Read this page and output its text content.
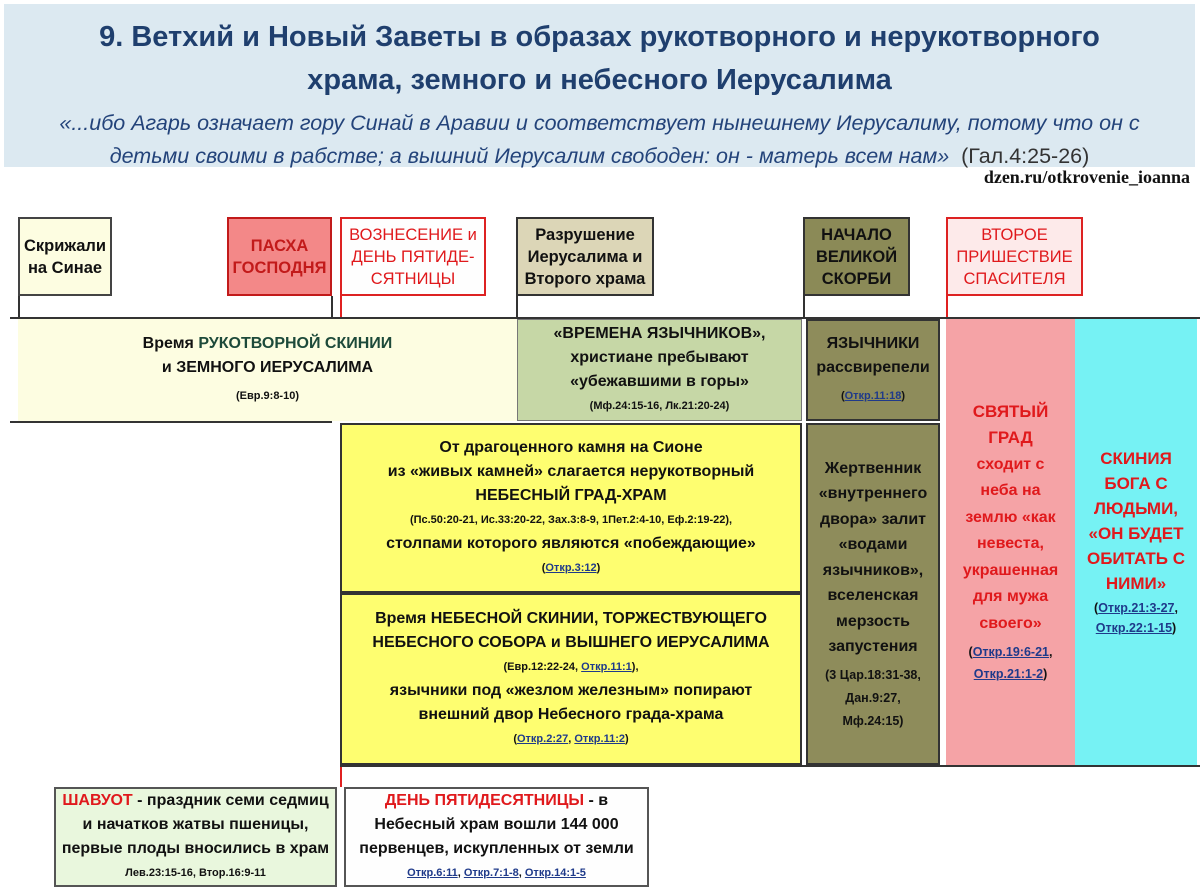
9. Ветхий и Новый Заветы в образах рукотворного и нерукотворного
храма, земного и небесного Иерусалима
«...ибо Агарь означает гору Синай в Аравии и соответствует нынешнему Иерусалиму, потому что он с
детьми своими в рабстве; а вышний Иерусалим свободен: он - матерь всем нам» (Гал.4:25-26)
dzen.ru/otkrovenie_ioanna
Скрижали
на Синае
ПАСХА
ГОСПОДНЯ
ВОЗНЕСЕНИЕ и
ДЕНЬ ПЯТИДЕ-
СЯТНИЦЫ
Разрушение
Иерусалима и
Второго храма
НАЧАЛО
ВЕЛИКОЙ
СКОРБИ
ВТОРОЕ
ПРИШЕСТВИЕ
СПАСИТЕЛЯ
Время РУКОТВОРНОЙ СКИНИИ
и ЗЕМНОГО ИЕРУСАЛИМА
(Евр.9:8-10)
«ВРЕМЕНА ЯЗЫЧНИКОВ»,
христиане пребывают
«убежавшими в горы»
(Мф.24:15-16, Лк.21:20-24)
ЯЗЫЧНИКИ
рассвирепели
(Откр.11:18)
От драгоценного камня на Сионе
из «живых камней» слагается нерукотворный
НЕБЕСНЫЙ ГРАД-ХРАМ
(Пс.50:20-21, Ис.33:20-22, Зах.3:8-9, 1Пет.2:4-10, Еф.2:19-22),
столпами которого являются «побеждающие»
(Откр.3:12)
Время НЕБЕСНОЙ СКИНИИ, ТОРЖЕСТВУЮЩЕГО
НЕБЕСНОГО СОБОРА и ВЫШНЕГО ИЕРУСАЛИМА
(Евр.12:22-24, Откр.11:1),
язычники под «жезлом железным» попирают
внешний двор Небесного града-храма
(Откр.2:27, Откр.11:2)
Жертвенник
«внутреннего
двора» залит
«водами
язычников»,
вселенская
мерзость
запустения
(3 Цар.18:31-38,
Дан.9:27,
Мф.24:15)
СВЯТЫЙ
ГРАД
сходит с
неба на
землю «как
невеста,
украшенная
для мужа
своего»
(Откр.19:6-21,
Откр.21:1-2)
СКИНИЯ
БОГА С
ЛЮДЬМИ,
«ОН БУДЕТ
ОБИТАТЬ С
НИМИ»
(Откр.21:3-27,
Откр.22:1-15)
ШАВУОТ - праздник семи седмиц
и начатков жатвы пшеницы,
первые плоды вносились в храм
Лев.23:15-16, Втор.16:9-11
ДЕНЬ ПЯТИДЕСЯТНИЦЫ - в
Небесный храм вошли 144 000
первенцев, искупленных от земли
Откр.6:11, Откр.7:1-8, Откр.14:1-5
